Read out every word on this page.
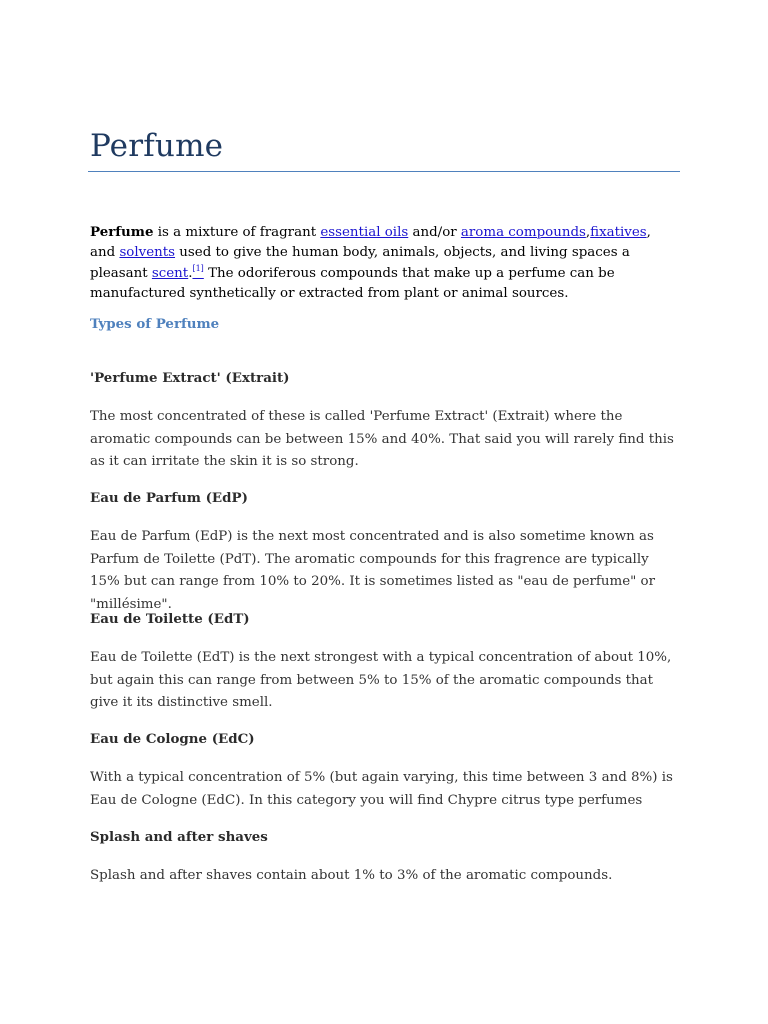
Perfume
Perfume is a mixture of fragrant essential oils and/or aroma compounds,fixatives, and solvents used to give the human body, animals, objects, and living spaces a pleasant scent.[1] The odoriferous compounds that make up a perfume can be manufactured synthetically or extracted from plant or animal sources.
Types of Perfume
'Perfume Extract' (Extrait)
The most concentrated of these is called 'Perfume Extract' (Extrait) where the aromatic compounds can be between 15% and 40%. That said you will rarely find this as it can irritate the skin it is so strong.
Eau de Parfum (EdP)
Eau de Parfum (EdP) is the next most concentrated and is also sometime known as Parfum de Toilette (PdT). The aromatic compounds for this fragrence are typically 15% but can range from 10% to 20%. It is sometimes listed as "eau de perfume" or "millésime".
Eau de Toilette (EdT)
Eau de Toilette (EdT) is the next strongest with a typical concentration of about 10%, but again this can range from between 5% to 15% of the aromatic compounds that give it its distinctive smell.
Eau de Cologne (EdC)
With a typical concentration of 5% (but again varying, this time between 3 and 8%) is Eau de Cologne (EdC). In this category you will find Chypre citrus type perfumes
Splash and after shaves
Splash and after shaves contain about 1% to 3% of the aromatic compounds.
